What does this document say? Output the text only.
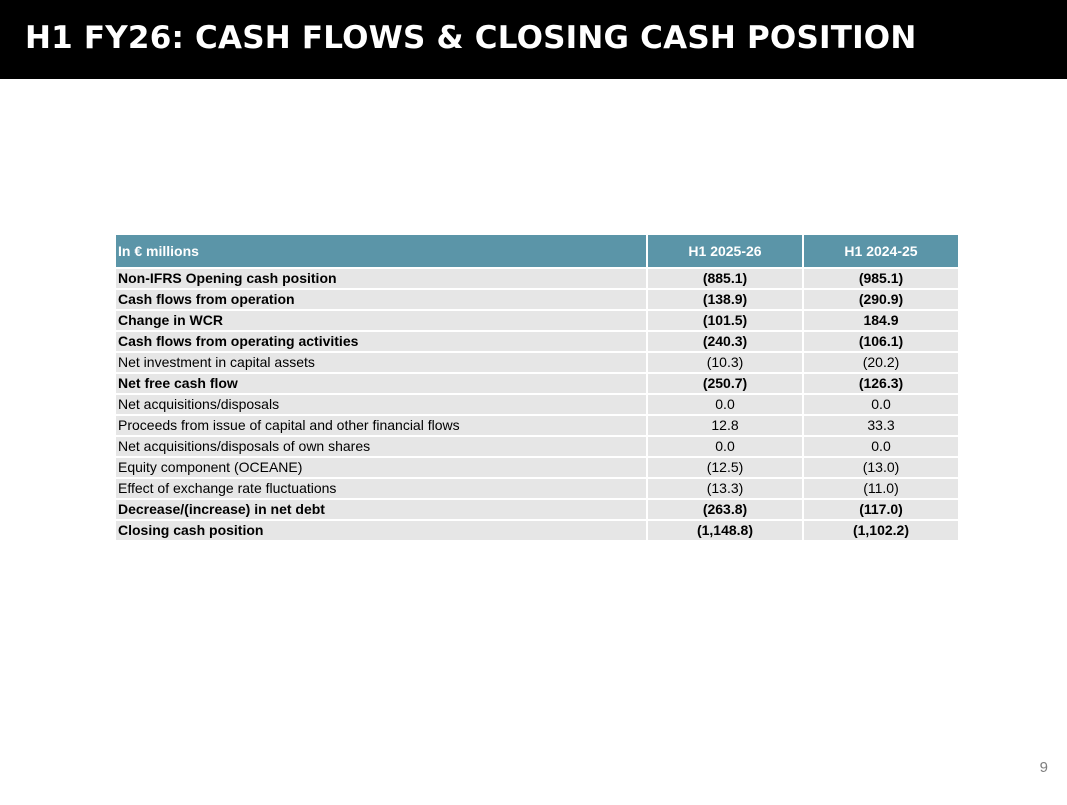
H1 FY26: CASH FLOWS & CLOSING CASH POSITION
In € millions	H1 2025-26	H1 2024-25
Non-IFRS Opening cash position	(885.1)	(985.1)
Cash flows from operation	(138.9)	(290.9)
Change in WCR	(101.5)	184.9
Cash flows from operating activities	(240.3)	(106.1)
Net investment in capital assets	(10.3)	(20.2)
Net free cash flow	(250.7)	(126.3)
Net acquisitions/disposals	0.0	0.0
Proceeds from issue of capital and other financial flows	12.8	33.3
Net acquisitions/disposals of own shares	0.0	0.0
Equity component (OCEANE)	(12.5)	(13.0)
Effect of exchange rate fluctuations	(13.3)	(11.0)
Decrease/(increase) in net debt	(263.8)	(117.0)
Closing cash position	(1,148.8)	(1,102.2)
9
